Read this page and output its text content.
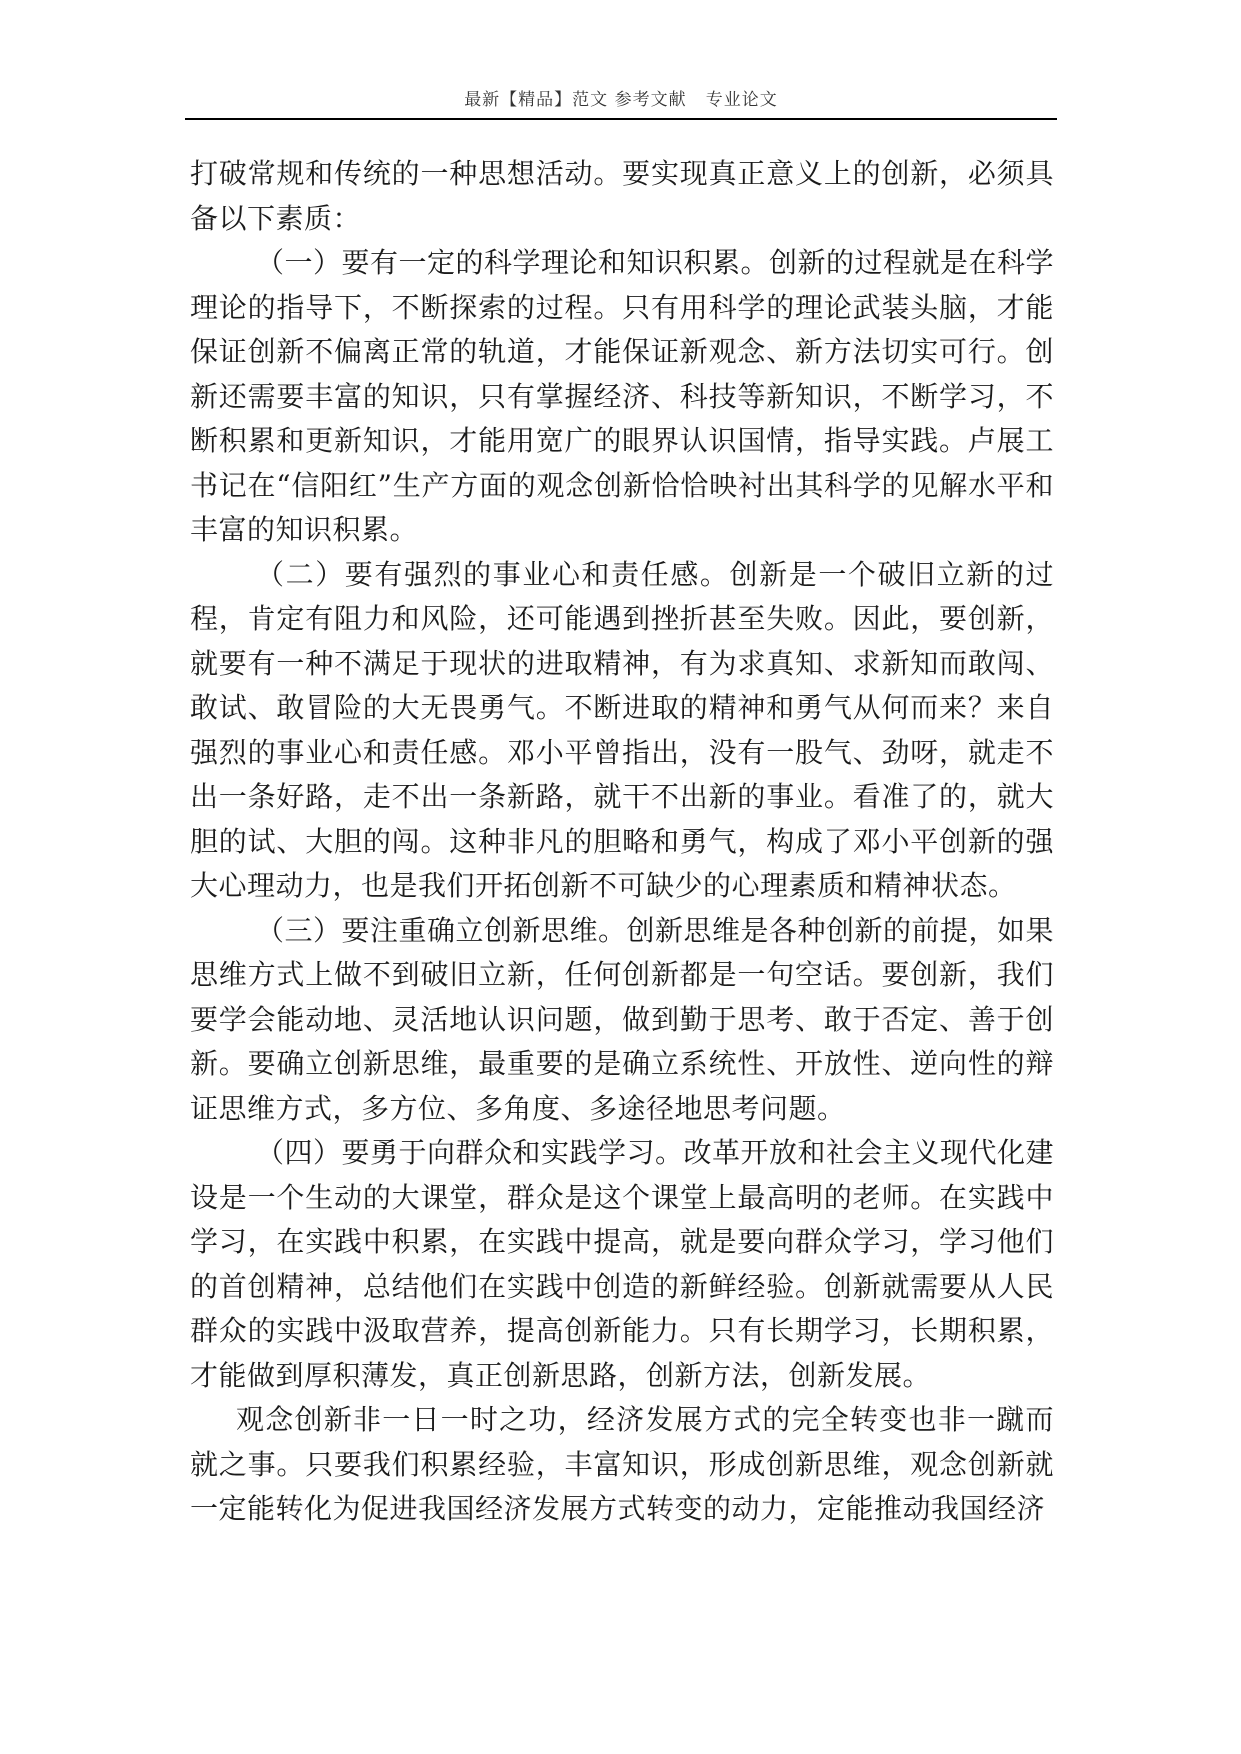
最新【精品】范文 参考文献   专业论文

打破常规和传统的一种思想活动。要实现真正意义上的创新，必须具备以下素质：

（一）要有一定的科学理论和知识积累。创新的过程就是在科学理论的指导下，不断探索的过程。只有用科学的理论武装头脑，才能保证创新不偏离正常的轨道，才能保证新观念、新方法切实可行。创新还需要丰富的知识，只有掌握经济、科技等新知识，不断学习，不断积累和更新知识，才能用宽广的眼界认识国情，指导实践。卢展工书记在“信阳红”生产方面的观念创新恰恰映衬出其科学的见解水平和丰富的知识积累。

（二）要有强烈的事业心和责任感。创新是一个破旧立新的过程，肯定有阻力和风险，还可能遇到挫折甚至失败。因此，要创新，就要有一种不满足于现状的进取精神，有为求真知、求新知而敢闯、敢试、敢冒险的大无畏勇气。不断进取的精神和勇气从何而来？来自强烈的事业心和责任感。邓小平曾指出，没有一股气、劲呀，就走不出一条好路，走不出一条新路，就干不出新的事业。看准了的，就大胆的试、大胆的闯。这种非凡的胆略和勇气，构成了邓小平创新的强大心理动力，也是我们开拓创新不可缺少的心理素质和精神状态。

（三）要注重确立创新思维。创新思维是各种创新的前提，如果思维方式上做不到破旧立新，任何创新都是一句空话。要创新，我们要学会能动地、灵活地认识问题，做到勤于思考、敢于否定、善于创新。要确立创新思维，最重要的是确立系统性、开放性、逆向性的辩证思维方式，多方位、多角度、多途径地思考问题。

（四）要勇于向群众和实践学习。改革开放和社会主义现代化建设是一个生动的大课堂，群众是这个课堂上最高明的老师。在实践中学习，在实践中积累，在实践中提高，就是要向群众学习，学习他们的首创精神，总结他们在实践中创造的新鲜经验。创新就需要从人民群众的实践中汲取营养，提高创新能力。只有长期学习，长期积累，才能做到厚积薄发，真正创新思路，创新方法，创新发展。

观念创新非一日一时之功，经济发展方式的完全转变也非一蹴而就之事。只要我们积累经验，丰富知识，形成创新思维，观念创新就一定能转化为促进我国经济发展方式转变的动力，定能推动我国经济
